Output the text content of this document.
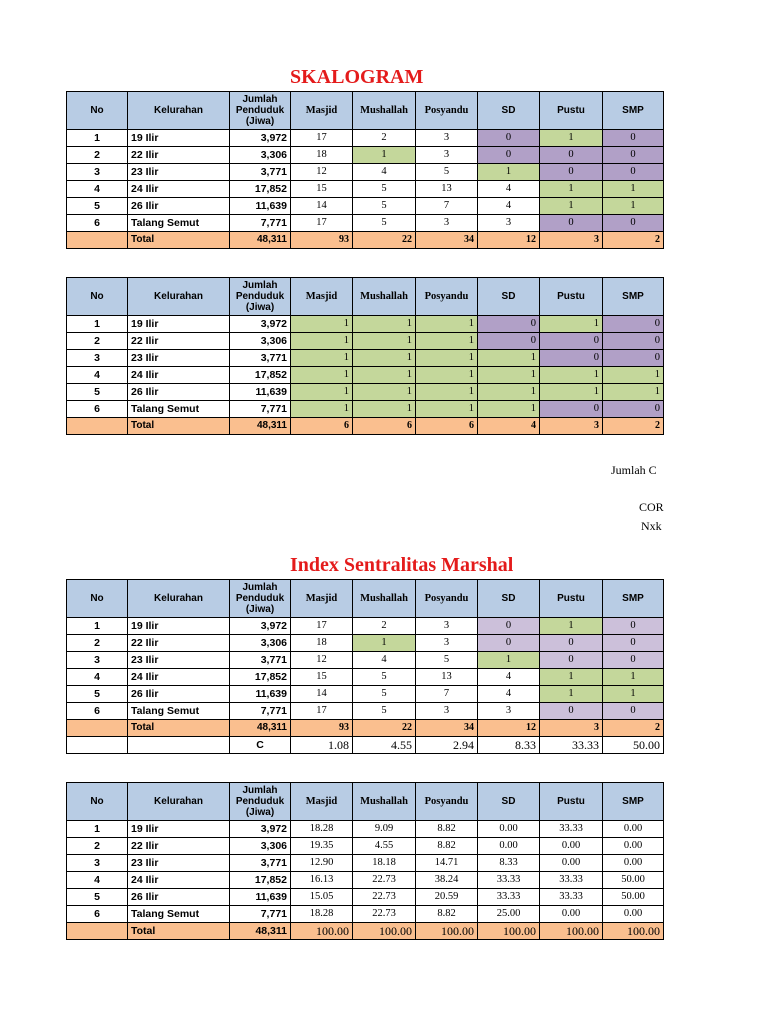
SKALOGRAM
No	Kelurahan	Jumlah Penduduk (Jiwa)	Masjid	Mushallah	Posyandu	SD	Pustu	SMP
1	19 Ilir	3,972	17	2	3	0	1	0
2	22 Ilir	3,306	18	1	3	0	0	0
3	23 Ilir	3,771	12	4	5	1	0	0
4	24 Ilir	17,852	15	5	13	4	1	1
5	26 Ilir	11,639	14	5	7	4	1	1
6	Talang Semut	7,771	17	5	3	3	0	0
	Total	48,311	93	22	34	12	3	2
No	Kelurahan	Jumlah Penduduk (Jiwa)	Masjid	Mushallah	Posyandu	SD	Pustu	SMP
1	19 Ilir	3,972	1	1	1	0	1	0
2	22 Ilir	3,306	1	1	1	0	0	0
3	23 Ilir	3,771	1	1	1	1	0	0
4	24 Ilir	17,852	1	1	1	1	1	1
5	26 Ilir	11,639	1	1	1	1	1	1
6	Talang Semut	7,771	1	1	1	1	0	0
	Total	48,311	6	6	6	4	3	2
Jumlah C
COR
Nxk
Index Sentralitas Marshal
No	Kelurahan	Jumlah Penduduk (Jiwa)	Masjid	Mushallah	Posyandu	SD	Pustu	SMP
1	19 Ilir	3,972	17	2	3	0	1	0
2	22 Ilir	3,306	18	1	3	0	0	0
3	23 Ilir	3,771	12	4	5	1	0	0
4	24 Ilir	17,852	15	5	13	4	1	1
5	26 Ilir	11,639	14	5	7	4	1	1
6	Talang Semut	7,771	17	5	3	3	0	0
	Total	48,311	93	22	34	12	3	2
		C	1.08	4.55	2.94	8.33	33.33	50.00
No	Kelurahan	Jumlah Penduduk (Jiwa)	Masjid	Mushallah	Posyandu	SD	Pustu	SMP
1	19 Ilir	3,972	18.28	9.09	8.82	0.00	33.33	0.00
2	22 Ilir	3,306	19.35	4.55	8.82	0.00	0.00	0.00
3	23 Ilir	3,771	12.90	18.18	14.71	8.33	0.00	0.00
4	24 Ilir	17,852	16.13	22.73	38.24	33.33	33.33	50.00
5	26 Ilir	11,639	15.05	22.73	20.59	33.33	33.33	50.00
6	Talang Semut	7,771	18.28	22.73	8.82	25.00	0.00	0.00
	Total	48,311	100.00	100.00	100.00	100.00	100.00	100.00
